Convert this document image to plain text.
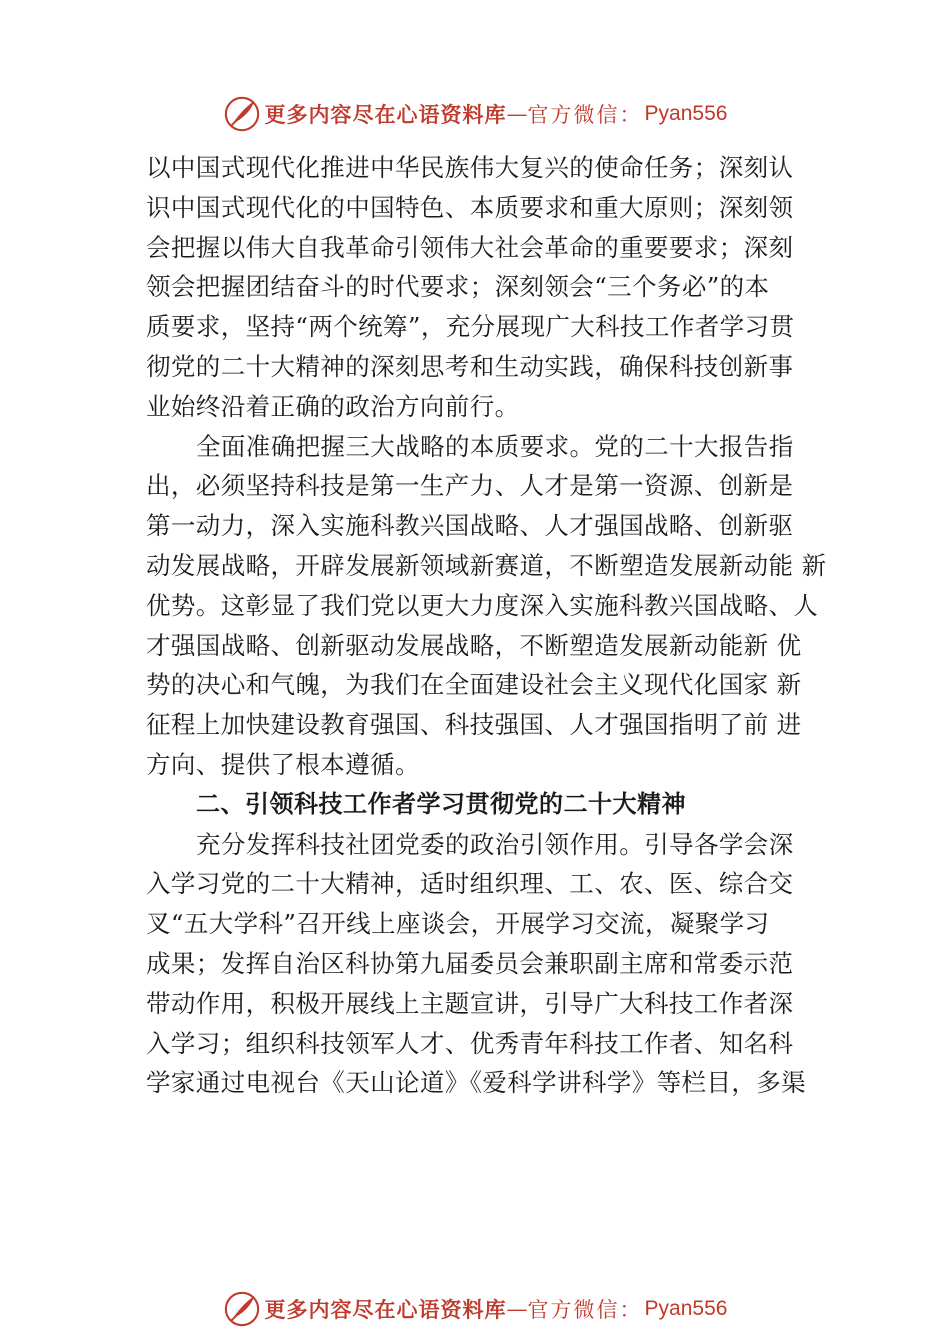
更多内容尽在心语资料库 — 官方微信： Pyan556
以中国式现代化推进中华民族伟大复兴的使命任务；深刻认
识中国式现代化的中国特色、本质要求和重大原则；深刻领
会把握以伟大自我革命引领伟大社会革命的重要要求；深刻
领会把握团结奋斗的时代要求；深刻领会“三个务必”的本
质要求，坚持“两个统筹”，充分展现广大科技工作者学习贯
彻党的二十大精神的深刻思考和生动实践，确保科技创新事
业始终沿着正确的政治方向前行。
全面准确把握三大战略的本质要求。党的二十大报告指
出，必须坚持科技是第一生产力、人才是第一资源、创新是
第一动力，深入实施科教兴国战略、人才强国战略、创新驱
动发展战略，开辟发展新领域新赛道，不断塑造发展新动能 新
优势。这彰显了我们党以更大力度深入实施科教兴国战略、人
才强国战略、创新驱动发展战略，不断塑造发展新动能新 优
势的决心和气魄，为我们在全面建设社会主义现代化国家 新
征程上加快建设教育强国、科技强国、人才强国指明了前 进
方向、提供了根本遵循。
二、引领科技工作者学习贯彻党的二十大精神
充分发挥科技社团党委的政治引领作用。引导各学会深
入学习党的二十大精神，适时组织理、工、农、医、综合交
叉“五大学科”召开线上座谈会，开展学习交流，凝聚学习
成果；发挥自治区科协第九届委员会兼职副主席和常委示范
带动作用，积极开展线上主题宣讲，引导广大科技工作者深
入学习；组织科技领军人才、优秀青年科技工作者、知名科
学家通过电视台《天山论道》《爱科学讲科学》等栏目，多渠
更多内容尽在心语资料库 — 官方微信： Pyan556
